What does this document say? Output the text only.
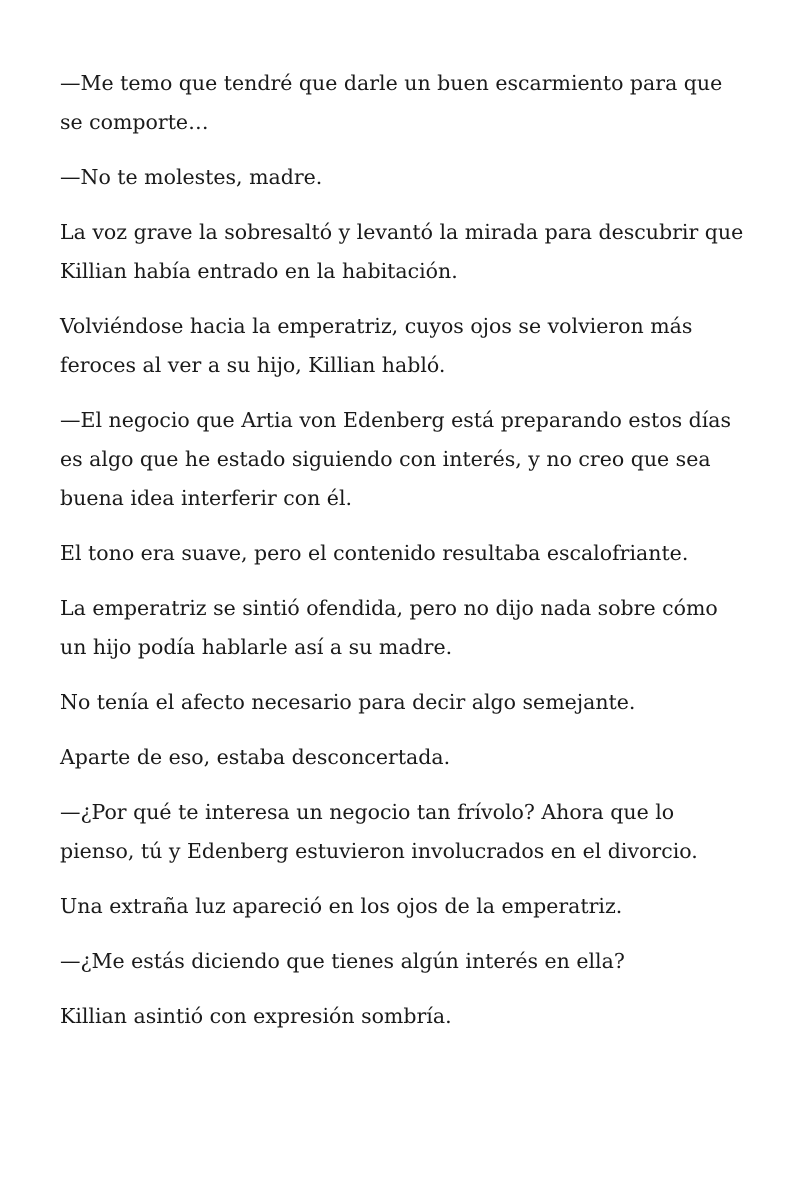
—Me temo que tendré que darle un buen escarmiento para que se comporte…

—No te molestes, madre.

La voz grave la sobresaltó y levantó la mirada para descubrir que Killian había entrado en la habitación.

Volviéndose hacia la emperatriz, cuyos ojos se volvieron más feroces al ver a su hijo, Killian habló.

—El negocio que Artia von Edenberg está preparando estos días es algo que he estado siguiendo con interés, y no creo que sea buena idea interferir con él.

El tono era suave, pero el contenido resultaba escalofriante.

La emperatriz se sintió ofendida, pero no dijo nada sobre cómo un hijo podía hablarle así a su madre.

No tenía el afecto necesario para decir algo semejante.

Aparte de eso, estaba desconcertada.

—¿Por qué te interesa un negocio tan frívolo? Ahora que lo pienso, tú y Edenberg estuvieron involucrados en el divorcio.

Una extraña luz apareció en los ojos de la emperatriz.

—¿Me estás diciendo que tienes algún interés en ella?

Killian asintió con expresión sombría.
